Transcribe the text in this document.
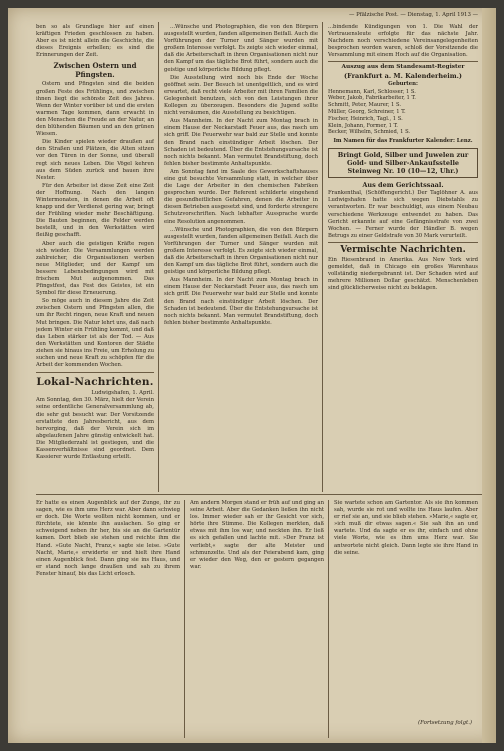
— Pfälzische Post. — Dienstag, 1. April 1913 —
ben so als Grundlage hier auf einen kräftigen Frieden geschlossen zu haben. Aber es ist nicht allein die Geschichte, die dieses Ereignis erhellen; es sind die Erinnerungen der Zeit.
Zwischen Ostern und Pfingsten.

Ostern und Pfingsten sind die beiden großen Feste des Frühlings, und zwischen ihnen liegt die schönste Zeit des Jahres. Wenn der Winter vorüber ist und die ersten warmen Tage kommen, dann erwacht in den Menschen die Freude an der Natur, an den blühenden Bäumen und an den grünen Wiesen.

Die Kinder spielen wieder draußen auf den Straßen und Plätzen, die Alten sitzen vor den Türen in der Sonne, und überall regt sich neues Leben. Die Vögel kehren aus dem Süden zurück und bauen ihre Nester.

Für den Arbeiter ist diese Zeit eine Zeit der Hoffnung. Nach den langen Wintermonaten, in denen die Arbeit oft knapp und der Verdienst gering war, bringt der Frühling wieder mehr Beschäftigung. Die Bauten beginnen, die Felder werden bestellt, und in den Werkstätten wird fleißig geschafft.

Aber auch die geistigen Kräfte regen sich wieder. Die Versammlungen werden zahlreicher, die Organisationen werben neue Mitglieder, und der Kampf um bessere Lebensbedingungen wird mit frischem Mut aufgenommen. Das Pfingstfest, das Fest des Geistes, ist ein Symbol für diese Erneuerung.

So möge auch in diesem Jahre die Zeit zwischen Ostern und Pfingsten allen, die um ihr Recht ringen, neue Kraft und neuen Mut bringen. Die Natur lehrt uns, daß nach jedem Winter ein Frühling kommt, und daß das Leben stärker ist als der Tod. — Aus den Werkstätten und Kontoren der Städte ziehen sie hinaus ins Freie, um Erholung zu suchen und neue Kraft zu schöpfen für die Arbeit der kommenden Wochen.

Lokal-Nachrichten.
Ludwigshafen, 1. April.
Am Sonntag, den 30. März, hielt der Verein seine ordentliche Generalversammlung ab, die sehr gut besucht war. Der Vorsitzende erstattete den Jahresbericht, aus dem hervorging, daß der Verein sich im abgelaufenen Jahre günstig entwickelt hat. Die Mitgliederzahl ist gestiegen, und die Kassenverhältnisse sind geordnet. Dem Kassierer wurde Entlastung erteilt.

...Wünsche und Photographien, die von den Bürgern ausgestellt wurden, fanden allgemeinen Beifall. Auch die Vorführungen der Turner und Sänger wurden mit großem Interesse verfolgt. Es zeigte sich wieder einmal, daß die Arbeiterschaft in ihren Organisationen nicht nur den Kampf um das tägliche Brot führt, sondern auch die geistige und körperliche Bildung pflegt.

Die Ausstellung wird noch bis Ende der Woche geöffnet sein. Der Besuch ist unentgeltlich, und es wird erwartet, daß recht viele Arbeiter mit ihren Familien die Gelegenheit benutzen, sich von den Leistungen ihrer Kollegen zu überzeugen. Besonders die Jugend sollte nicht versäumen, die Ausstellung zu besichtigen.

Aus Mannheim. In der Nacht zum Montag brach in einem Hause der Neckarstadt Feuer aus, das rasch um sich griff. Die Feuerwehr war bald zur Stelle und konnte den Brand nach einstündiger Arbeit löschen. Der Schaden ist bedeutend. Über die Entstehungsursache ist noch nichts bekannt. Man vermutet Brandstiftung, doch fehlen bisher bestimmte Anhaltspunkte.

Am Sonntag fand im Saale des Gewerkschaftshauses eine gut besuchte Versammlung statt, in welcher über die Lage der Arbeiter in den chemischen Fabriken gesprochen wurde. Der Referent schilderte eingehend die gesundheitlichen Gefahren, denen die Arbeiter in diesen Betrieben ausgesetzt sind, und forderte strengere Schutzvorschriften. Nach lebhafter Aussprache wurde eine Resolution angenommen.

...Wünsche und Photographien, die von den Bürgern ausgestellt wurden, fanden allgemeinen Beifall. Auch die Vorführungen der Turner und Sänger wurden mit großem Interesse verfolgt. Es zeigte sich wieder einmal, daß die Arbeiterschaft in ihren Organisationen nicht nur den Kampf um das tägliche Brot führt, sondern auch die geistige und körperliche Bildung pflegt.

Aus Mannheim. In der Nacht zum Montag brach in einem Hause der Neckarstadt Feuer aus, das rasch um sich griff. Die Feuerwehr war bald zur Stelle und konnte den Brand nach einstündiger Arbeit löschen. Der Schaden ist bedeutend. Über die Entstehungsursache ist noch nichts bekannt. Man vermutet Brandstiftung, doch fehlen bisher bestimmte Anhaltspunkte.

...bindende Kündigungen von 1. Die Wahl der Vertrauensleute erfolgte für das nächste Jahr. Nachdem noch verschiedene Vereinsangelegenheiten besprochen worden waren, schloß der Vorsitzende die Versammlung mit einem Hoch auf die Organisation.
Auszug aus dem Standesamt-Register
(Frankfurt a. M. Kalenderheim.)
Geburten:
Hennemann, Karl, Schlosser, 1 S.
Weber, Jakob, Fabrikarbeiter, 1 T.
Schmitt, Peter, Maurer, 1 S.
Müller, Georg, Schreiner, 1 T.
Fischer, Heinrich, Tagl., 1 S.
Klein, Johann, Former, 1 T.
Becker, Wilhelm, Schmied, 1 S.
Im Namen für das Frankfurter Kalender: Lenz.
Bringt Gold, Silber und Juwelen zur Gold- und Silber-Ankaufsstelle Steinweg Nr. 10 (10—12, Uhr.)
Aus dem Gerichtssaal.
Frankenthal, (Schöffengericht.) Der Taglöhner A. aus Ludwigshafen hatte sich wegen Diebstahls zu verantworten. Er war beschuldigt, aus einem Neubau verschiedene Werkzeuge entwendet zu haben. Das Gericht erkannte auf eine Gefängnisstrafe von zwei Wochen. — Ferner wurde der Händler B. wegen Betrugs zu einer Geldstrafe von 30 Mark verurteilt.
Vermischte Nachrichten.
Ein Riesenbrand in Amerika. Aus New York wird gemeldet, daß in Chicago ein großes Warenhaus vollständig niedergebrannt ist. Der Schaden wird auf mehrere Millionen Dollar geschätzt. Menschenleben sind glücklicherweise nicht zu beklagen.
Er hatte es einen Augenblick auf der Zunge, ihr zu sagen, wie es ihm ums Herz war. Aber dann schwieg er doch. Die Worte wollten nicht kommen, und er fürchtete, sie könnte ihn auslachen. So ging er schweigend neben ihr her, bis sie an die Gartentür kamen. Dort blieb sie stehen und reichte ihm die Hand. »Gute Nacht, Franz,« sagte sie leise. »Gute Nacht, Marie,« erwiderte er und hielt ihre Hand einen Augenblick fest. Dann ging sie ins Haus, und er stand noch lange draußen und sah zu ihrem Fenster hinauf, bis das Licht erlosch.
Am andern Morgen stand er früh auf und ging an seine Arbeit. Aber die Gedanken ließen ihn nicht los. Immer wieder sah er ihr Gesicht vor sich, hörte ihre Stimme. Die Kollegen merkten, daß etwas mit ihm los war, und neckten ihn. Er ließ es sich gefallen und lachte mit. »Der Franz ist verliebt,« sagte der alte Meister und schmunzelte. Und als der Feierabend kam, ging er wieder den Weg, den er gestern gegangen war.
Sie wartete schon am Gartentor. Als sie ihn kommen sah, wurde sie rot und wollte ins Haus laufen. Aber er rief sie an, und sie blieb stehen. »Marie,« sagte er, »ich muß dir etwas sagen.« Sie sah ihn an und wartete. Und da sagte er es ihr, einfach und ohne viele Worte, wie es ihm ums Herz war. Sie antwortete nicht gleich. Dann legte sie ihre Hand in die seine.
(Fortsetzung folgt.)
